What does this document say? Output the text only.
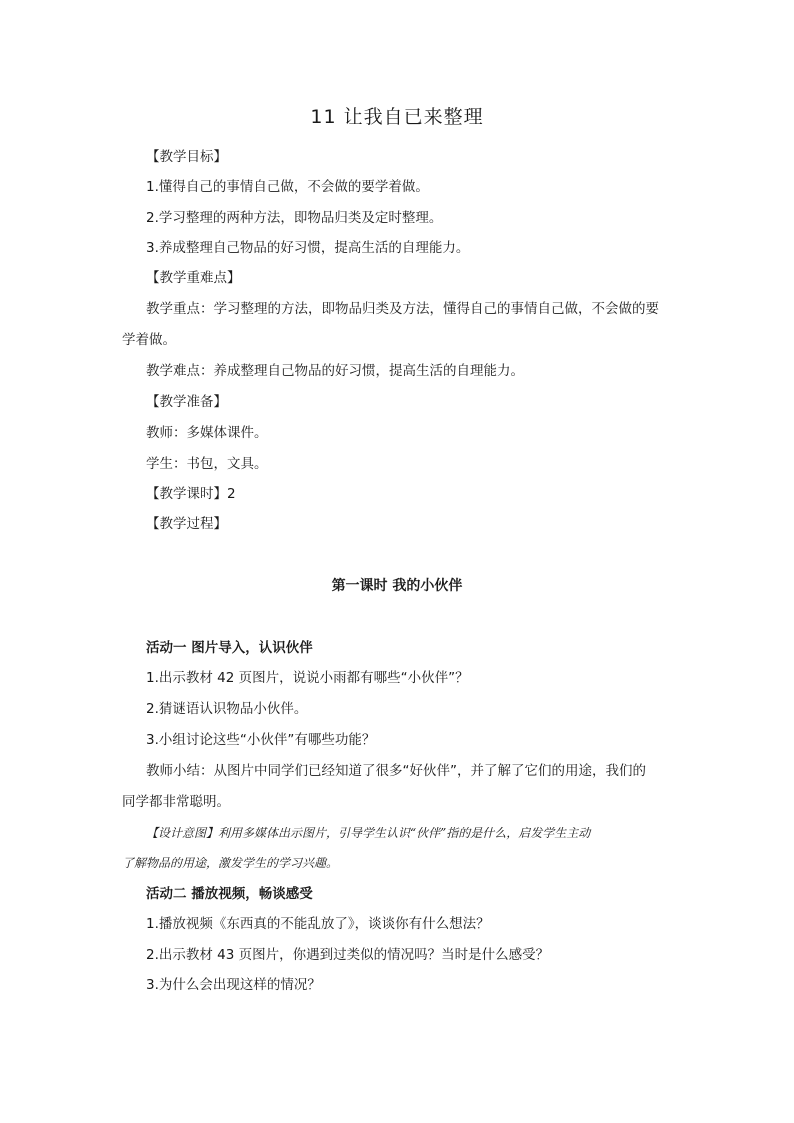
11 让我自已来整理

【教学目标】

1.懂得自己的事情自己做，不会做的要学着做。

2.学习整理的两种方法，即物品归类及定时整理。

3.养成整理自己物品的好习惯，提高生活的自理能力。

【教学重难点】

教学重点：学习整理的方法，即物品归类及方法，懂得自己的事情自己做，不会做的要

学着做。

教学难点：养成整理自己物品的好习惯，提高生活的自理能力。

【教学准备】

教师：多媒体课件。

学生：书包，文具。

【教学课时】2

【教学过程】

第一课时 我的小伙伴

活动一 图片导入，认识伙伴

1.出示教材 42 页图片，说说小雨都有哪些“小伙伴”？

2.猜谜语认识物品小伙伴。

3.小组讨论这些“小伙伴”有哪些功能？

教师小结：从图片中同学们已经知道了很多“好伙伴”，并了解了它们的用途，我们的

同学都非常聪明。

【设计意图】利用多媒体出示图片，引导学生认识“伙伴”指的是什么，启发学生主动

了解物品的用途，激发学生的学习兴趣。

活动二 播放视频，畅谈感受

1.播放视频《东西真的不能乱放了》，谈谈你有什么想法？

2.出示教材 43 页图片，你遇到过类似的情况吗？当时是什么感受？

3.为什么会出现这样的情况？
